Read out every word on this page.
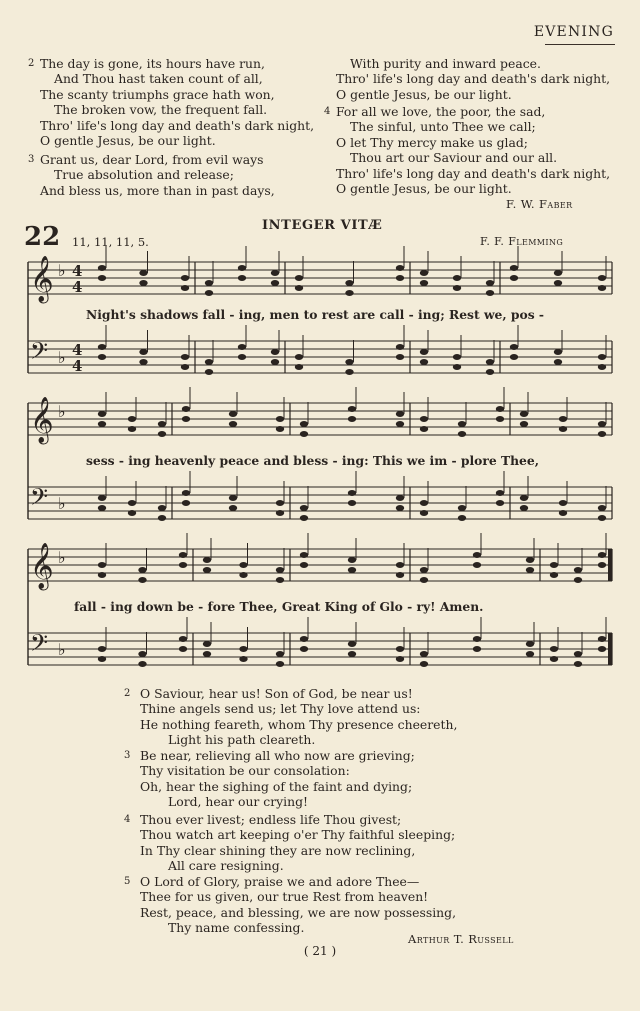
EVENING
2 The day is gone, its hours have run,
And Thou hast taken count of all,
The scanty triumphs grace hath won,
The broken vow, the frequent fall.
Thro' life's long day and death's dark night,
O gentle Jesus, be our light.
3 Grant us, dear Lord, from evil ways
True absolution and release;
And bless us, more than in past days,
With purity and inward peace.
Thro' life's long day and death's dark night,
O gentle Jesus, be our light.
4 For all we love, the poor, the sad,
The sinful, unto Thee we call;
O let Thy mercy make us glad;
Thou art our Saviour and our all.
Thro' life's long day and death's dark night,
O gentle Jesus, be our light.
F. W. Faber
22 11, 11, 11, 5.
INTEGER VITÆ
F. F. Flemming
𝄞 ♭ 4
4
𝄢 ♭ 4
4
𝄞 ♭
𝄢 ♭
𝄞 ♭
𝄢 ♭
Night's shadows fall - ing, men to rest are call - ing; Rest we, pos -
sess - ing heavenly peace and bless - ing: This we im - plore Thee,
fall - ing down be - fore Thee, Great King of Glo - ry! Amen.
2 O Saviour, hear us! Son of God, be near us!
Thine angels send us; let Thy love attend us:
He nothing feareth, whom Thy presence cheereth,
Light his path cleareth.
3 Be near, relieving all who now are grieving;
Thy visitation be our consolation:
Oh, hear the sighing of the faint and dying;
Lord, hear our crying!
4 Thou ever livest; endless life Thou givest;
Thou watch art keeping o'er Thy faithful sleeping;
In Thy clear shining they are now reclining,
All care resigning.
5 O Lord of Glory, praise we and adore Thee—
Thee for us given, our true Rest from heaven!
Rest, peace, and blessing, we are now possessing,
Thy name confessing.
Arthur T. Russell
( 21 )
